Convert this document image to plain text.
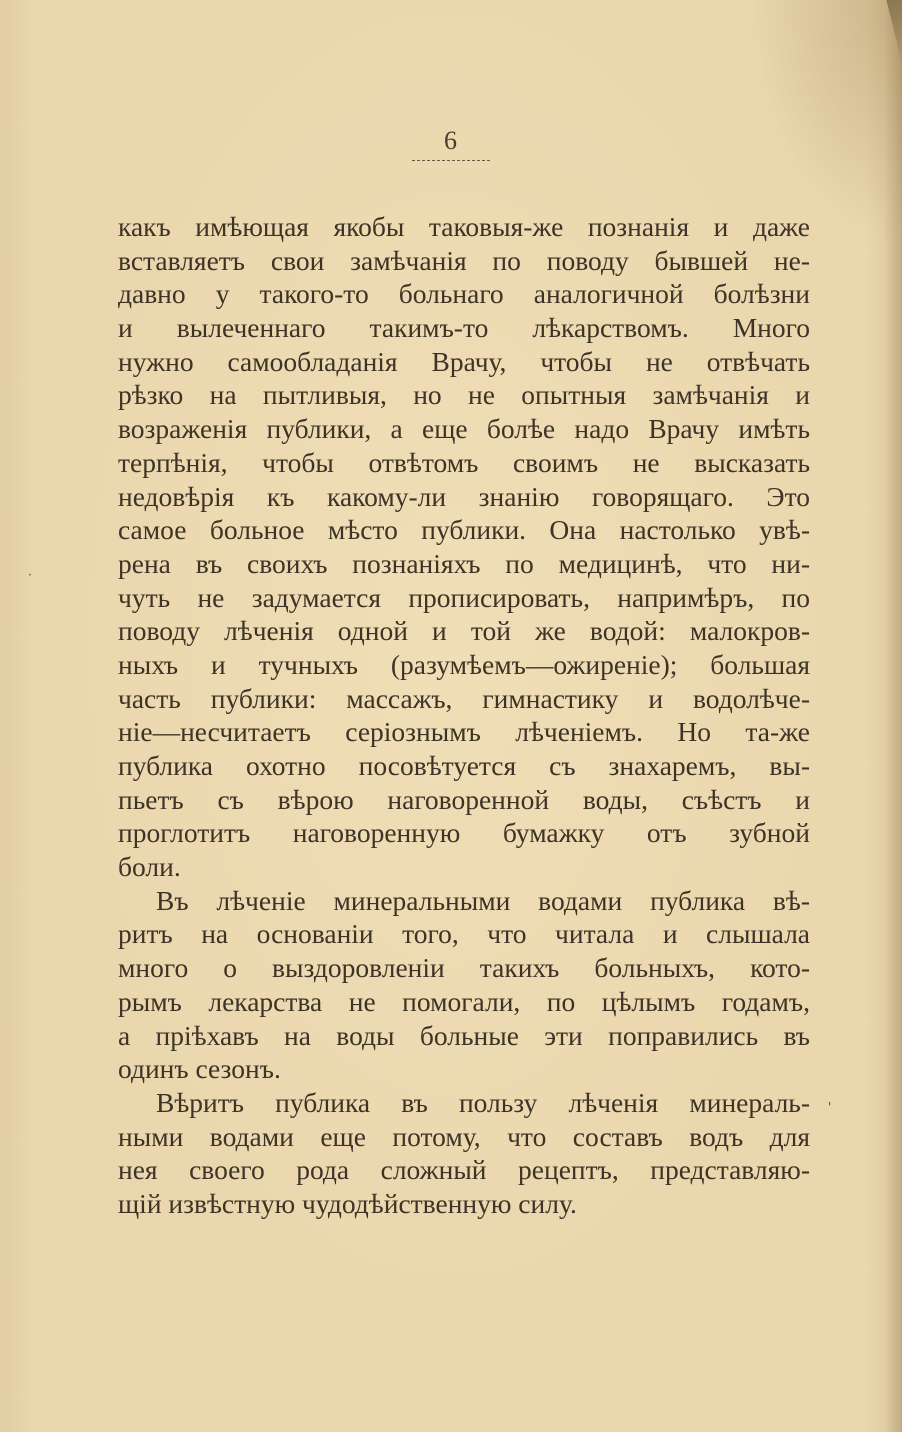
6
какъ имѣющая якобы таковыя-же познанія и даже
вставляетъ свои замѣчанія по поводу бывшей не-
давно у такого-то больнаго аналогичной болѣзни
и вылеченнаго такимъ-то лѣкарствомъ. Много
нужно самообладанія Врачу, чтобы не отвѣчать
рѣзко на пытливыя, но не опытныя замѣчанія и
возраженія публики, а еще болѣе надо Врачу имѣть
терпѣнія, чтобы отвѣтомъ своимъ не высказать
недовѣрія къ какому-ли знанію говорящаго. Это
самое больное мѣсто публики. Она настолько увѣ-
рена въ своихъ познаніяхъ по медицинѣ, что ни-
чуть не задумается прописировать, напримѣръ, по
поводу лѣченія одной и той же водой: малокров-
ныхъ и тучныхъ (разумѣемъ—ожиреніе); большая
часть публики: массажъ, гимнастику и водолѣче-
ніе—несчитаетъ серіознымъ лѣченіемъ. Но та-же
публика охотно посовѣтуется съ знахаремъ, вы-
пьетъ съ вѣрою наговоренной воды, съѣстъ и
проглотитъ наговоренную бумажку отъ зубной
боли.
Въ лѣченіе минеральными водами публика вѣ-
ритъ на основаніи того, что читала и слышала
много о выздоровленіи такихъ больныхъ, кото-
рымъ лекарства не помогали, по цѣлымъ годамъ,
а пріѣхавъ на воды больные эти поправились въ
одинъ сезонъ.
Вѣритъ публика въ пользу лѣченія минераль-
ными водами еще потому, что составъ водъ для
нея своего рода сложный рецептъ, представляю-
щій извѣстную чудодѣйственную силу.
·
'
